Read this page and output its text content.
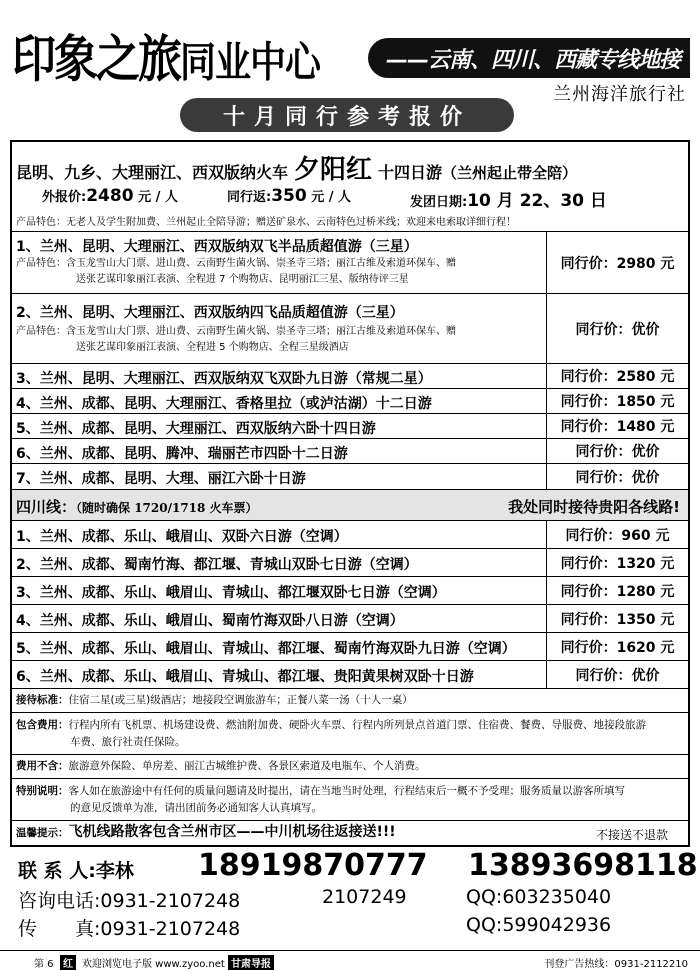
印象之旅同业中心	——云南、四川、西藏专线地接
兰州海洋旅行社
十月同行参考报价
昆明、九乡、大理丽江、西双版纳火车 夕阳红 十四日游（兰州起止带全陪）
外报价:2480 元 / 人	同行返:350 元 / 人	发团日期:10 月 22、30 日
产品特色：无老人及学生附加费、兰州起止全陪导游；赠送矿泉水、云南特色过桥米线；欢迎来电索取详细行程！
1、兰州、昆明、大理丽江、西双版纳双飞半品质超值游（三星）
产品特色：含玉龙雪山大门票、进山费、云南野生菌火锅、崇圣寺三塔；丽江古维及索道环保车、赠
送张艺谋印象丽江表演、全程进 7 个购物店、昆明丽江三星、版纳待评三星
同行价：2980 元
2、兰州、昆明、大理丽江、西双版纳四飞品质超值游（三星）
产品特色：含玉龙雪山大门票、进山费、云南野生菌火锅、崇圣寺三塔；丽江古维及索道环保车、赠
送张艺谋印象丽江表演、全程进 5 个购物店、全程三星级酒店
同行价：优价
3、兰州、昆明、大理丽江、西双版纳双飞双卧九日游（常规二星）	同行价：2580 元
4、兰州、成都、昆明、大理丽江、香格里拉（或泸沽湖）十二日游	同行价：1850 元
5、兰州、成都、昆明、大理丽江、西双版纳六卧十四日游	同行价：1480 元
6、兰州、成都、昆明、腾冲、瑞丽芒市四卧十二日游	同行价：优价
7、兰州、成都、昆明、大理、丽江六卧十日游	同行价：优价
四川线：（随时确保 1720/1718 火车票）	我处同时接待贵阳各线路!
1、兰州、成都、乐山、峨眉山、双卧六日游（空调）	同行价：960 元
2、兰州、成都、蜀南竹海、都江堰、青城山双卧七日游（空调）	同行价：1320 元
3、兰州、成都、乐山、峨眉山、青城山、都江堰双卧七日游（空调）	同行价：1280 元
4、兰州、成都、乐山、峨眉山、蜀南竹海双卧八日游（空调）	同行价：1350 元
5、兰州、成都、乐山、峨眉山、青城山、都江堰、蜀南竹海双卧九日游（空调）	同行价：1620 元
6、兰州、成都、乐山、峨眉山、青城山、都江堰、贵阳黄果树双卧十日游	同行价：优价
接待标准：住宿二星(或三星)级酒店；地接段空调旅游车；正餐八菜一汤（十人一桌）
包含费用：行程内所有飞机票、机场建设费、燃油附加费、硬卧火车票、行程内所列景点首道门票、住宿费、餐费、导服费、地接段旅游
车费、旅行社责任保险。
费用不含：旅游意外保险、单房差、丽江古城维护费、各景区索道及电瓶车、个人消费。
特别说明：客人如在旅游途中有任何的质量问题请及时提出，请在当地当时处理，行程结束后一概不予受理；服务质量以游客所填写
的意见反馈单为准，请出团前务必通知客人认真填写。
温馨提示：飞机线路散客包含兰州市区——中川机场往返接送!!!	不接送不退款
联 系 人:李林 18919870777 13893698118
咨询电话:0931-2107248	2107249	QQ:603235040
传　　真:0931-2107248	QQ:599042936
第 6 红 欢迎浏览电子版 www.zyoo.net 甘肃导报	刊登广告热线：0931-2112210
